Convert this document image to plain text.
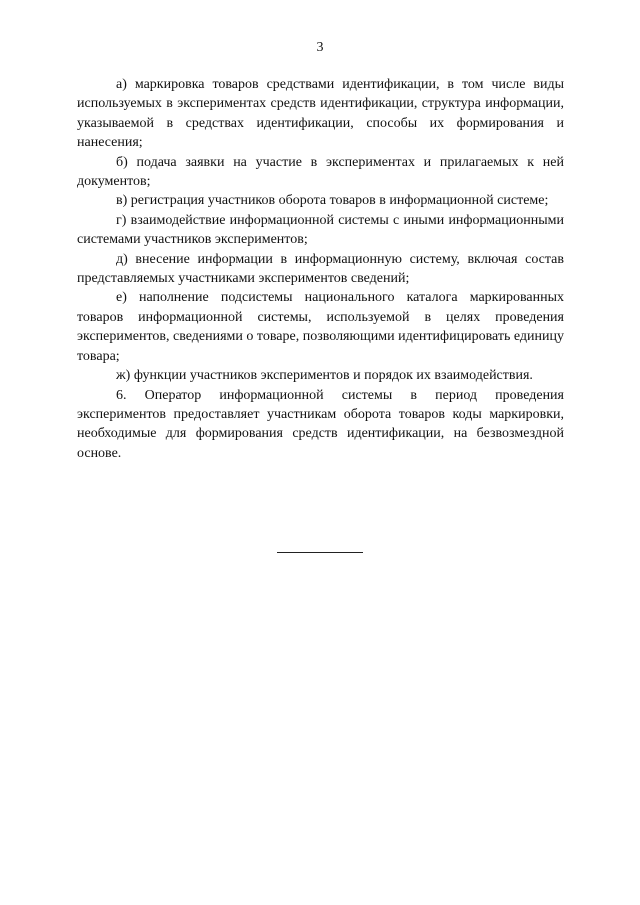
3

а) маркировка товаров средствами идентификации, в том числе виды используемых в экспериментах средств идентификации, структура информации, указываемой в средствах идентификации, способы их формирования и нанесения;

б) подача заявки на участие в экспериментах и прилагаемых к ней документов;

в) регистрация участников оборота товаров в информационной системе;

г) взаимодействие информационной системы с иными информационными системами участников экспериментов;

д) внесение информации в информационную систему, включая состав представляемых участниками экспериментов сведений;

е) наполнение подсистемы национального каталога маркированных товаров информационной системы, используемой в целях проведения экспериментов, сведениями о товаре, позволяющими идентифицировать единицу товара;

ж) функции участников экспериментов и порядок их взаимодействия.

6. Оператор информационной системы в период проведения экспериментов предоставляет участникам оборота товаров коды маркировки, необходимые для формирования средств идентификации, на безвозмездной основе.
